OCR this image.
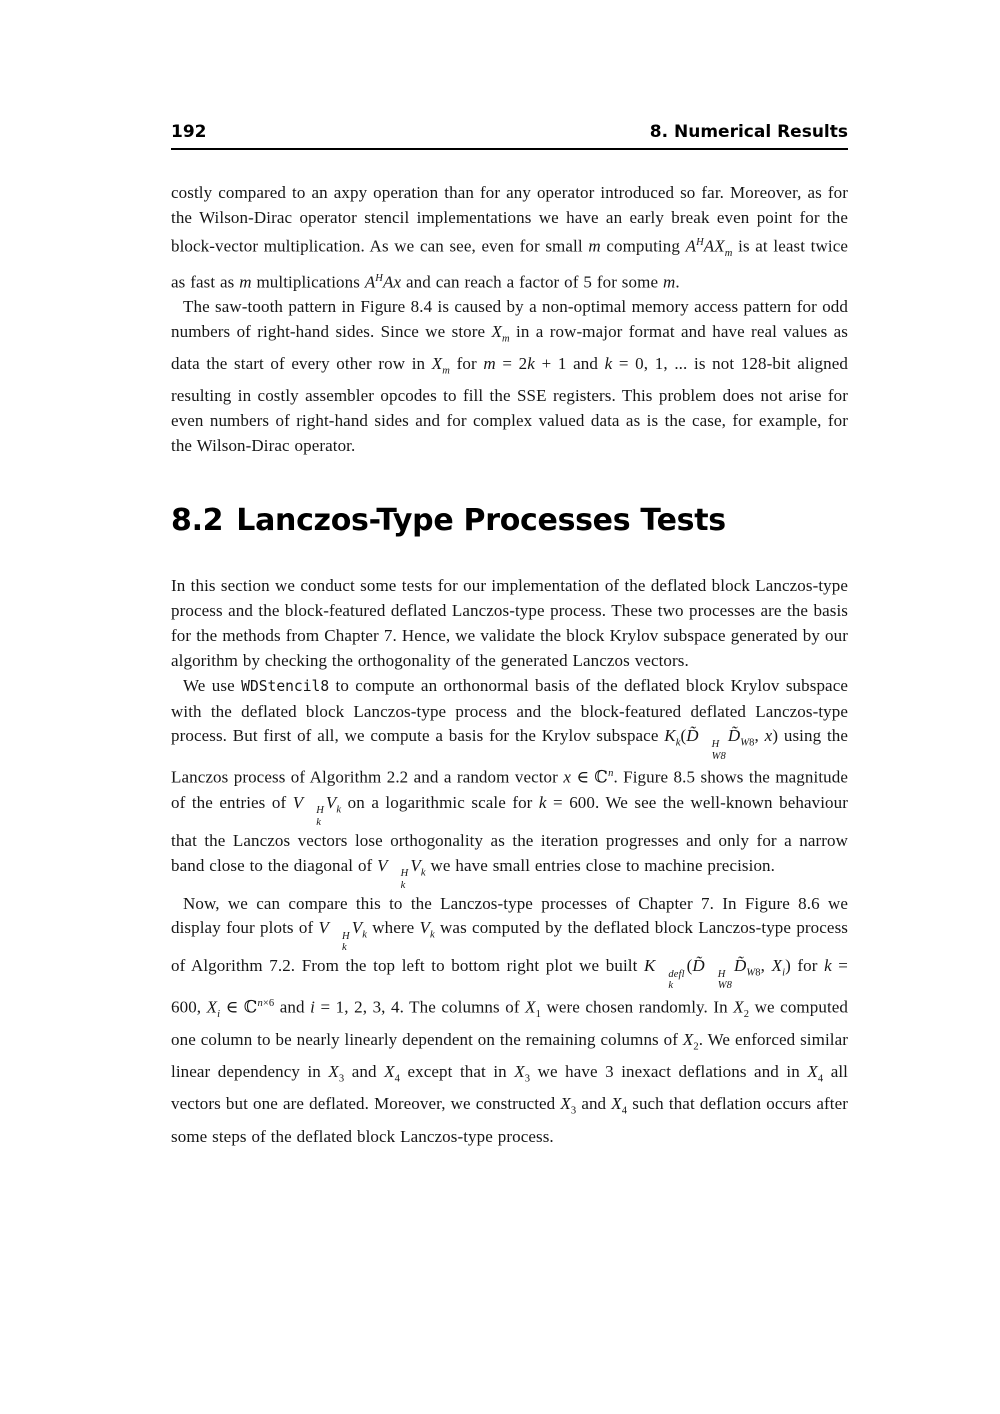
192	8. Numerical Results

costly compared to an axpy operation than for any operator introduced so far. Moreover, as for the Wilson-Dirac operator stencil implementations we have an early break even point for the block-vector multiplication. As we can see, even for small m computing $A^HAX_m$ is at least twice as fast as m multiplications $A^HAx$ and can reach a factor of 5 for some m.

The saw-tooth pattern in Figure 8.4 is caused by a non-optimal memory access pattern for odd numbers of right-hand sides. Since we store $X_m$ in a row-major format and have real values as data the start of every other row in $X_m$ for m = 2k + 1 and k = 0, 1, ... is not 128-bit aligned resulting in costly assembler opcodes to fill the SSE registers. This problem does not arise for even numbers of right-hand sides and for complex valued data as is the case, for example, for the Wilson-Dirac operator.

8.2 Lanczos-Type Processes Tests

In this section we conduct some tests for our implementation of the deflated block Lanczos-type process and the block-featured deflated Lanczos-type process. These two processes are the basis for the methods from Chapter 7. Hence, we validate the block Krylov subspace generated by our algorithm by checking the orthogonality of the generated Lanczos vectors.

We use WDStencil8 to compute an orthonormal basis of the deflated block Krylov subspace with the deflated block Lanczos-type process and the block-featured deflated Lanczos-type process. But first of all, we compute a basis for the Krylov subspace $K_k(D̃$	H
W8
$D̃_{W8}$, x) using the Lanczos process of Algorithm 2.2 and a random vector x ∈ ℂ$^n$. Figure 8.5 shows the magnitude of the entries of V	H
k
$V_k$ on a logarithmic scale for k = 600. We see the well-known behaviour that the Lanczos vectors lose orthogonality as the iteration progresses and only for a narrow band close to the diagonal of V	H
k
$V_k$ we have small entries close to machine precision.

Now, we can compare this to the Lanczos-type processes of Chapter 7. In Figure 8.6 we display four plots of V	H
k
$V_k$ where $V_k$ was computed by the deflated block Lanczos-type process of Algorithm 7.2. From the top left to bottom right plot we built K	defl
k
(D̃	H
W8
$D̃_{W8}$, $X_i$) for k = 600, $X_i$ ∈ ℂ$^{n\times 6}$ and i = 1, 2, 3, 4. The columns of $X_1$ were chosen randomly. In $X_2$ we computed one column to be nearly linearly dependent on the remaining columns of $X_2$. We enforced similar linear dependency in $X_3$ and $X_4$ except that in $X_3$ we have 3 inexact deflations and in $X_4$ all vectors but one are deflated. Moreover, we constructed $X_3$ and $X_4$ such that deflation occurs after some steps of the deflated block Lanczos-type process.
